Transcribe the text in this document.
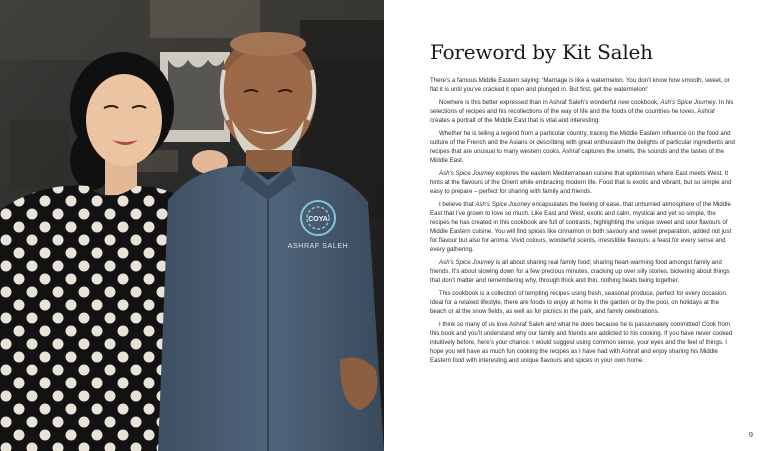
COYA
ASHRAF SALEH
Foreword by Kit Saleh

There’s a famous Middle Eastern saying: ‘Marriage is like a watermelon. You don’t know how smooth, sweet, or flat it is until you’ve cracked it open and plunged in. But first, get the watermelon!’

Nowhere is this better expressed than in Ashraf Saleh’s wonderful new cookbook, Ash’s Spice Journey. In his selections of recipes and his recollections of the way of life and the foods of the countries he loves, Ashraf creates a portrait of the Middle East that is vital and interesting.

Whether he is telling a legend from a particular country, tracing the Middle Eastern influence on the food and culture of the French and the Asians or describing with great enthusiasm the delights of particular ingredients and recipes that are unusual to many western cooks, Ashraf captures the smells, the sounds and the tastes of the Middle East.

Ash’s Spice Journey explores the eastern Mediterranean cuisine that epitomises where East meets West. It hints at the flavours of the Orient while embracing modern life. Food that is exotic and vibrant, but so simple and easy to prepare – perfect for sharing with family and friends.

I believe that Ash’s Spice Journey encapsulates the feeling of ease, that unhurried atmosphere of the Middle East that I’ve grown to love so much. Like East and West, exotic and calm, mystical and yet so simple, the recipes he has created in this cookbook are full of contrasts, highlighting the unique sweet and sour flavours of Middle Eastern cuisine. You will find spices like cinnamon in both savoury and sweet preparation, added not just for flavour but also for aroma. Vivid colours, wonderful scents, irresistible flavours: a feast for every sense and every gathering.

Ash’s Spice Journey is all about sharing real family food; sharing heart-warming food amongst family and friends. It’s about slowing down for a few precious minutes, cracking up over silly stories, bickering about things that don’t matter and remembering why, through thick and thin, nothing beats being together.

This cookbook is a collection of tempting recipes using fresh, seasonal produce, perfect for every occasion. Ideal for a relaxed lifestyle, there are foods to enjoy at home in the garden or by the pool, on holidays at the beach or at the snow fields, as well as for picnics in the park, and family celebrations.

I think so many of us love Ashraf Saleh and what he does because he is passionately committed! Cook from this book and you’ll understand why our family and friends are addicted to his cooking. If you have never cooked intuitively before, here’s your chance. I would suggest using common sense, your eyes and the feel of things. I hope you will have as much fun cooking the recipes as I have had with Ashraf and enjoy sharing his Middle Eastern food with interesting and unique flavours and spices in your own home.

9
